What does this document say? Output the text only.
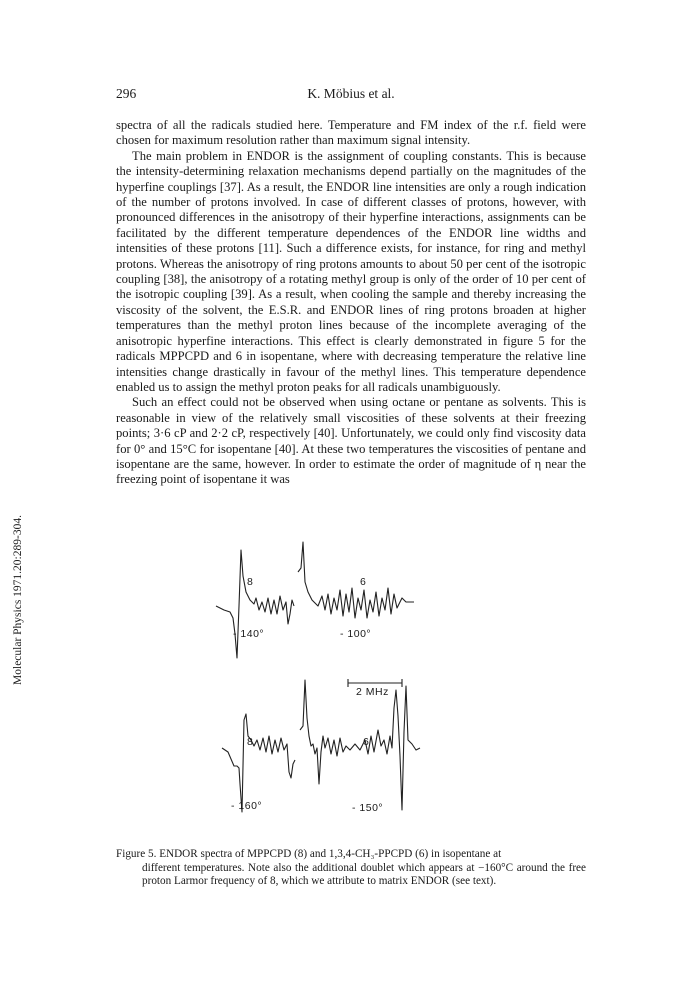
296	K. Möbius et al.
Molecular Physics 1971.20:289-304.

spectra of all the radicals studied here. Temperature and FM index of the r.f. field were chosen for maximum resolution rather than maximum signal intensity.

The main problem in ENDOR is the assignment of coupling constants. This is because the intensity-determining relaxation mechanisms depend partially on the magnitudes of the hyperfine couplings [37]. As a result, the ENDOR line intensities are only a rough indication of the number of protons involved. In case of different classes of protons, however, with pronounced differences in the anisotropy of their hyperfine interactions, assignments can be facilitated by the different temperature dependences of the ENDOR line widths and intensities of these protons [11]. Such a difference exists, for instance, for ring and methyl protons. Whereas the anisotropy of ring protons amounts to about 50 per cent of the isotropic coupling [38], the anisotropy of a rotating methyl group is only of the order of 10 per cent of the isotropic coupling [39]. As a result, when cooling the sample and thereby increasing the viscosity of the solvent, the E.S.R. and ENDOR lines of ring protons broaden at higher temperatures than the methyl proton lines because of the incomplete averaging of the anisotropic hyperfine interactions. This effect is clearly demonstrated in figure 5 for the radicals MPPCPD and 6 in isopentane, where with decreasing temperature the relative line intensities change drastically in favour of the methyl lines. This temperature dependence enabled us to assign the methyl proton peaks for all radicals unambiguously.

Such an effect could not be observed when using octane or pentane as solvents. This is reasonable in view of the relatively small viscosities of these solvents at their freezing points; 3·6 cP and 2·2 cP, respectively [40]. Unfortunately, we could only find viscosity data for 0° and 15°C for isopentane [40]. At these two temperatures the viscosities of pentane and isopentane are the same, however. In order to estimate the order of magnitude of η near the freezing point of isopentane it was

8
- 140°
6
- 100°
2 MHz
8
- 160°
6
- 150°
Figure 5. ENDOR spectra of MPPCPD (8) and 1,3,4-CH₃-PPCPD (6) in isopentane at
different temperatures. Note also the additional doublet which appears at −160°C around the free proton Larmor frequency of 8, which we attribute to matrix ENDOR (see text).
